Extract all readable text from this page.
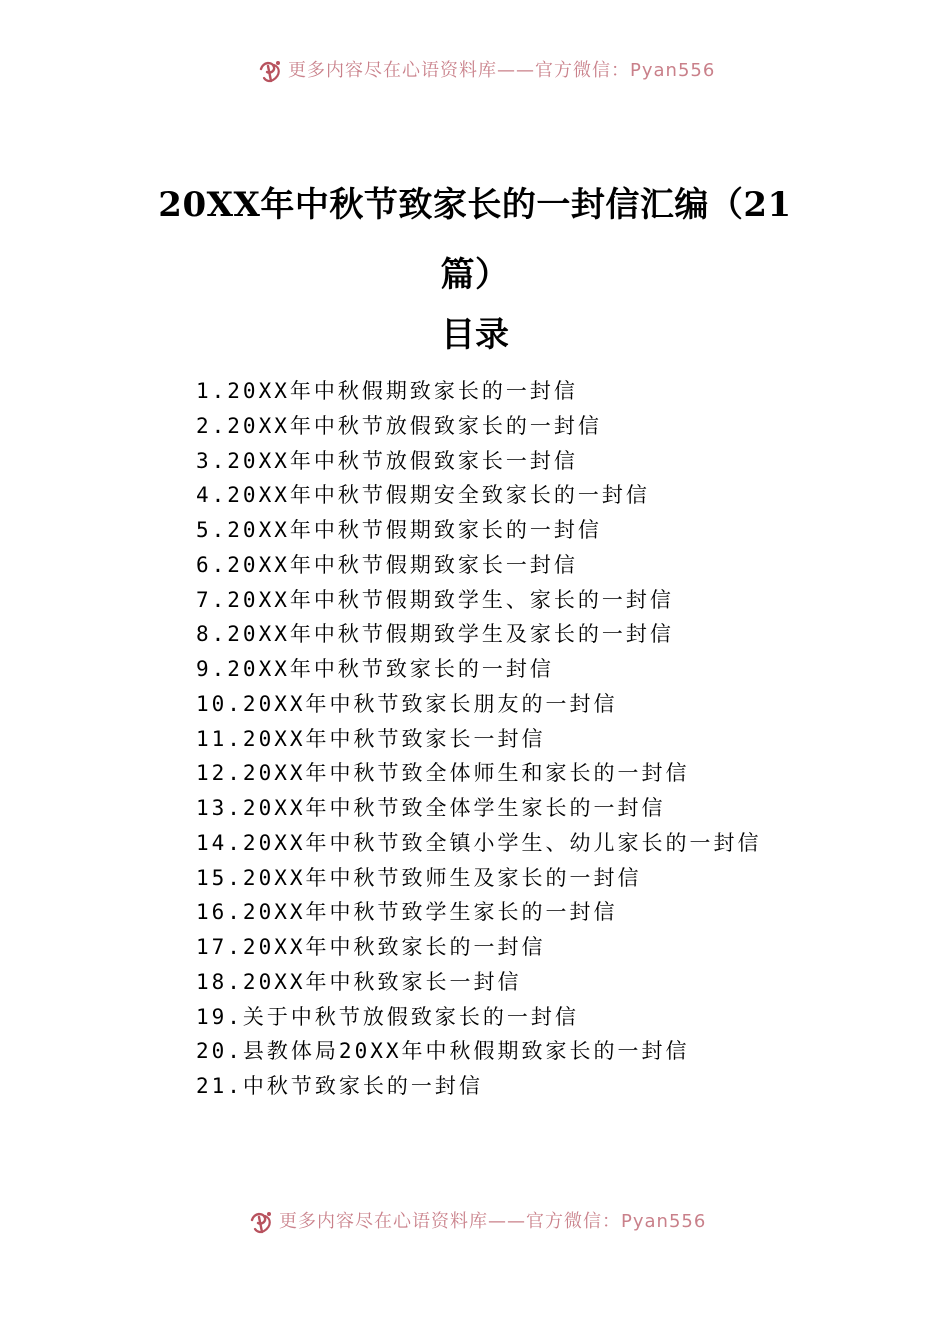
更多内容尽在心语资料库——官方微信：Pyan556
20XX年中秋节致家长的一封信汇编（21篇）
目录
1.20XX年中秋假期致家长的一封信
2.20XX年中秋节放假致家长的一封信
3.20XX年中秋节放假致家长一封信
4.20XX年中秋节假期安全致家长的一封信
5.20XX年中秋节假期致家长的一封信
6.20XX年中秋节假期致家长一封信
7.20XX年中秋节假期致学生、家长的一封信
8.20XX年中秋节假期致学生及家长的一封信
9.20XX年中秋节致家长的一封信
10.20XX年中秋节致家长朋友的一封信
11.20XX年中秋节致家长一封信
12.20XX年中秋节致全体师生和家长的一封信
13.20XX年中秋节致全体学生家长的一封信
14.20XX年中秋节致全镇小学生、幼儿家长的一封信
15.20XX年中秋节致师生及家长的一封信
16.20XX年中秋节致学生家长的一封信
17.20XX年中秋致家长的一封信
18.20XX年中秋致家长一封信
19.关于中秋节放假致家长的一封信
20.县教体局20XX年中秋假期致家长的一封信
21.中秋节致家长的一封信
更多内容尽在心语资料库——官方微信：Pyan556
